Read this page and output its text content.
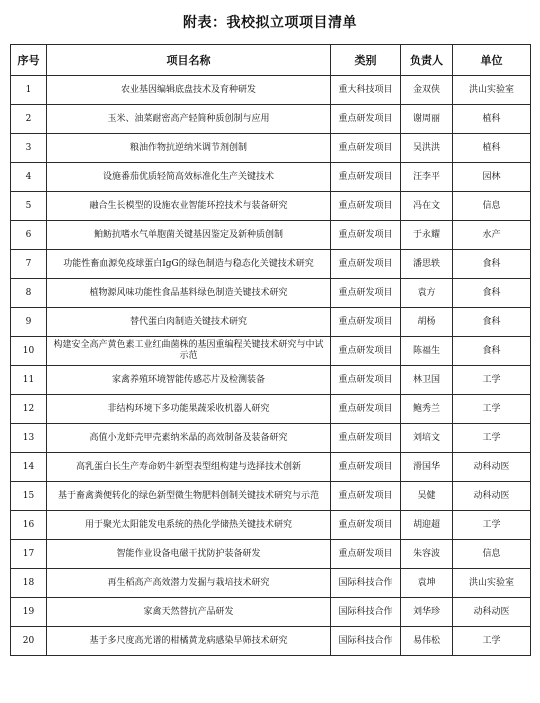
附表：我校拟立项项目清单
序号	项目名称	类别	负责人	单位
1	农业基因编辑底盘技术及育种研发	重大科技项目	金双侠	洪山实验室
2	玉米、油菜耐密高产轻简种质创制与应用	重点研发项目	谢周丽	植科
3	粮油作物抗逆纳米调节剂创制	重点研发项目	吴洪洪	植科
4	设施番茄优质轻简高效标准化生产关键技术	重点研发项目	汪李平	园林
5	融合生长模型的设施农业智能环控技术与装备研究	重点研发项目	冯在文	信息
6	鲌鲂抗嗜水气单胞菌关键基因鉴定及新种质创制	重点研发项目	于永耀	水产
7	功能性畜血源免疫球蛋白IgG的绿色制造与稳态化关键技术研究	重点研发项目	潘思轶	食科
8	植物源风味功能性食品基料绿色制造关键技术研究	重点研发项目	袁方	食科
9	替代蛋白肉制造关键技术研究	重点研发项目	胡杨	食科
10	构建安全高产黄色素工业红曲菌株的基因重编程关键技术研究与中试示范	重点研发项目	陈福生	食科
11	家禽养殖环境智能传感芯片及检测装备	重点研发项目	林卫国	工学
12	非结构环境下多功能果蔬采收机器人研究	重点研发项目	鲍秀兰	工学
13	高值小龙虾壳甲壳素纳米晶的高效制备及装备研究	重点研发项目	刘培文	工学
14	高乳蛋白长生产寿命奶牛新型表型组构建与选择技术创新	重点研发项目	滑国华	动科动医
15	基于畜禽粪便转化的绿色新型微生物肥料创制关键技术研究与示范	重点研发项目	吴健	动科动医
16	用于聚光太阳能发电系统的热化学储热关键技术研究	重点研发项目	胡迎超	工学
17	智能作业设备电磁干扰防护装备研发	重点研发项目	朱容波	信息
18	再生稻高产高效潜力发掘与栽培技术研究	国际科技合作	袁坤	洪山实验室
19	家禽天然替抗产品研发	国际科技合作	刘华珍	动科动医
20	基于多尺度高光谱的柑橘黄龙病感染早筛技术研究	国际科技合作	易伟松	工学
